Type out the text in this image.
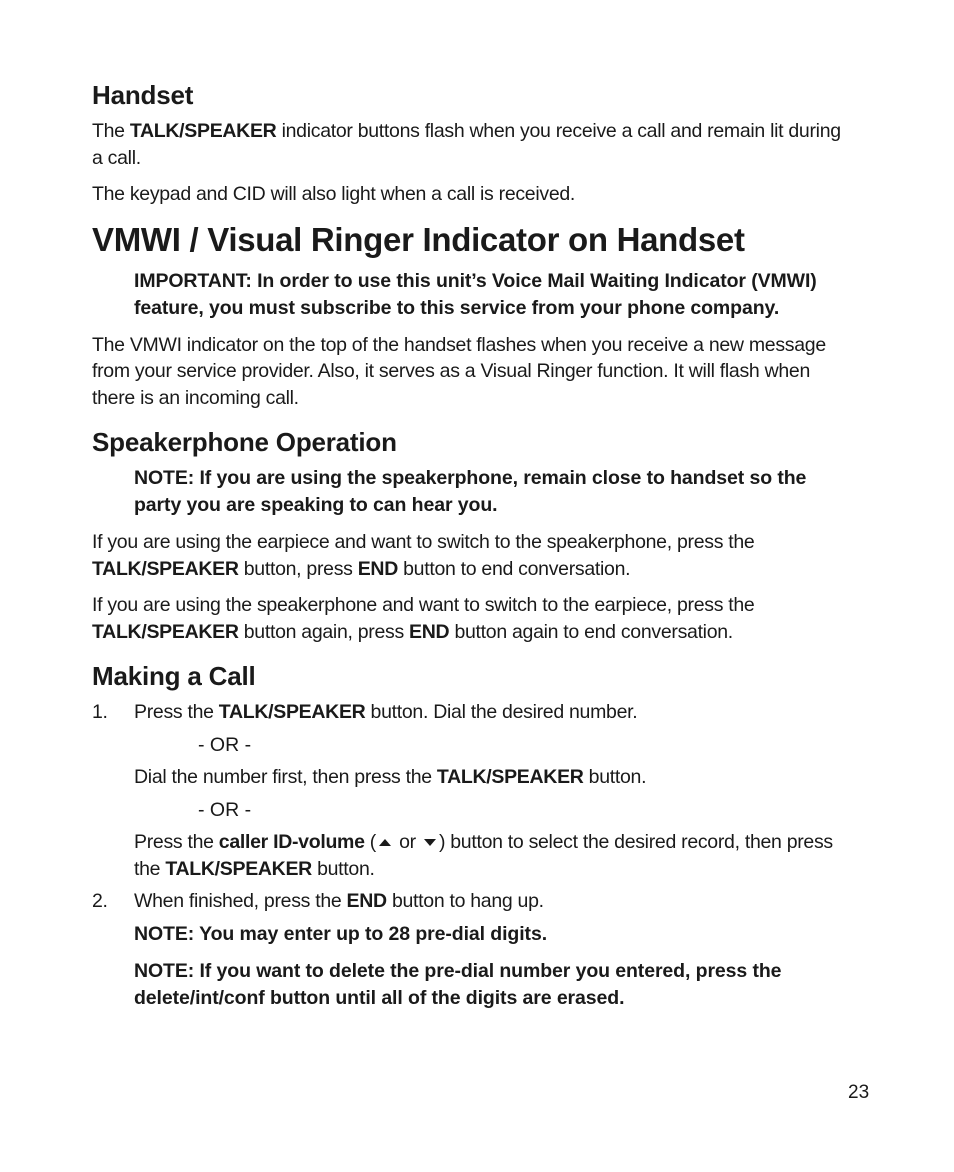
Handset

The TALK/SPEAKER indicator buttons flash when you receive a call and remain lit during a call.

The keypad and CID will also light when a call is received.

VMWI / Visual Ringer Indicator on Handset

IMPORTANT: In order to use this unit’s Voice Mail Waiting Indicator (VMWI) feature, you must subscribe to this service from your phone company.

The VMWI indicator on the top of the handset flashes when you receive a new message from your service provider. Also, it serves as a Visual Ringer function. It will flash when there is an incoming call.

Speakerphone Operation

NOTE: If you are using the speakerphone, remain close to handset so the party you are speaking to can hear you.

If you are using the earpiece and want to switch to the speakerphone, press the TALK/SPEAKER button, press END button to end conversation.

If you are using the speakerphone and want to switch to the earpiece, press the TALK/SPEAKER button again, press END button again to end conversation.

Making a Call
1. Press the TALK/SPEAKER button. Dial the desired number.
- OR -
Dial the number first, then press the TALK/SPEAKER button.
- OR -
Press the caller ID-volume ( or ) button to select the desired record, then press the TALK/SPEAKER button.
2. When finished, press the END button to hang up.

NOTE: You may enter up to 28 pre-dial digits.

NOTE: If you want to delete the pre-dial number you entered, press the delete/int/conf button until all of the digits are erased.

23
